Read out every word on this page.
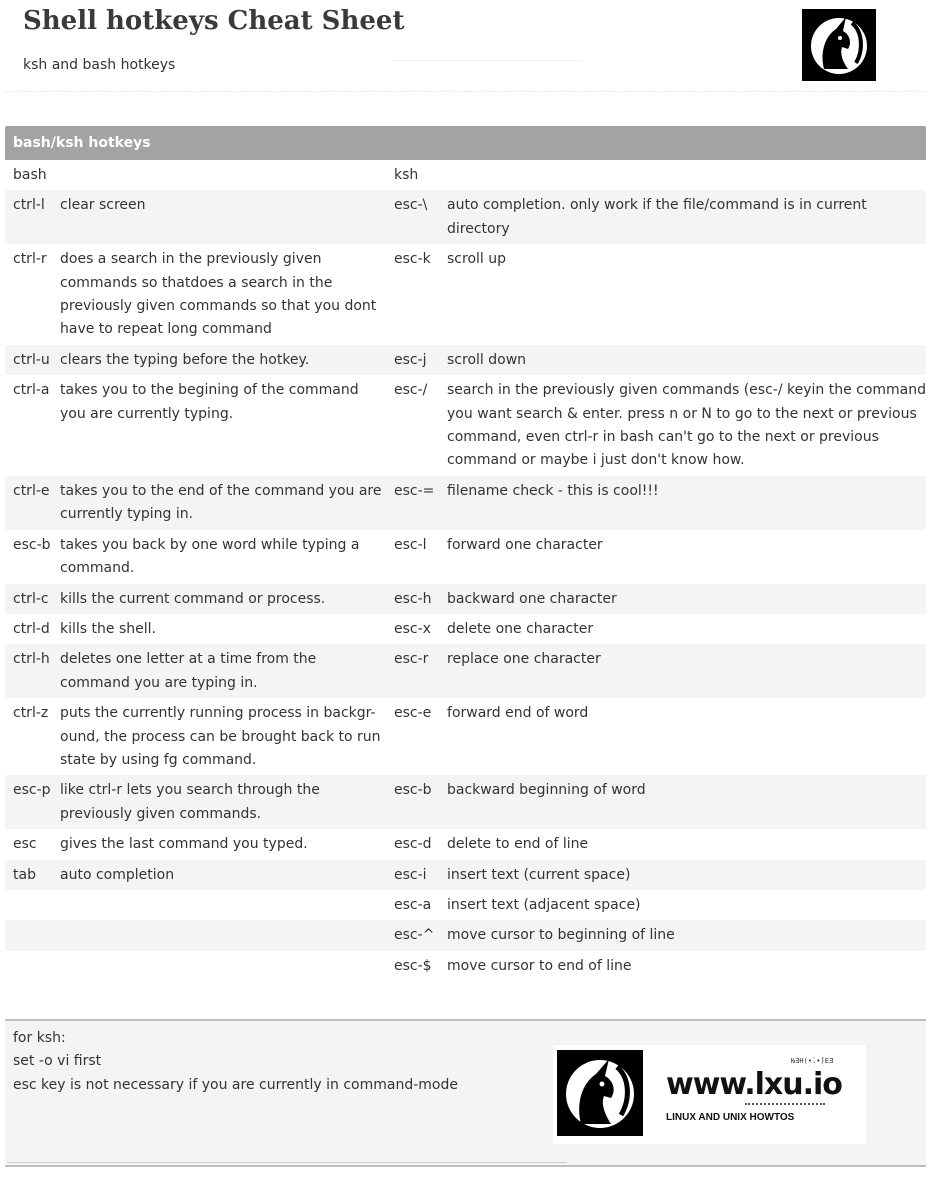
Shell hotkeys Cheat Sheet
ksh and bash hotkeys
bash/ksh hotkeys
bash		ksh	
ctrl-l	clear screen	esc-\	auto completion. only work if the file/command is in current directory
ctrl-r	does a search in the previously given commands so thatdoes a search in the previously given commands so that you dont have to repeat long command	esc-k	scroll up
ctrl-u	clears the typing before the hotkey.	esc-j	scroll down
ctrl-a	takes you to the begining of the command you are currently typing.	esc-/	search in the previously given commands (esc-/ keyin the command you want search & enter. press n or N to go to the next or previous command, even ctrl-r in bash can't go to the next or previous command or maybe i just don't know how.
ctrl-e	takes you to the end of the command you are currently typing in.	esc-=	filename check - this is cool!!!
esc-b	takes you back by one word while typing a command.	esc-l	forward one character
ctrl-c	kills the current command or process.	esc-h	backward one character
ctrl-d	kills the shell.	esc-x	delete one character
ctrl-h	deletes one letter at a time from the command you are typing in.	esc-r	replace one character
ctrl-z	puts the currently running process in backgr-ound, the process can be brought back to run state by using fg command.	esc-e	forward end of word
esc-p	like ctrl-r lets you search through the previously given commands.	esc-b	backward beginning of word
esc	gives the last command you typed.	esc-d	delete to end of line
tab	auto completion	esc-i	insert text (current space)
		esc-a	insert text (adjacent space)
		esc-^	move cursor to beginning of line
		esc-$	move cursor to end of line
for ksh:
set -o vi first
esc key is not necessary if you are currently in command-mode
Ƕ∃H(•̀.•́)EƎ
www.lxu.io
LINUX AND UNIX HOWTOS
